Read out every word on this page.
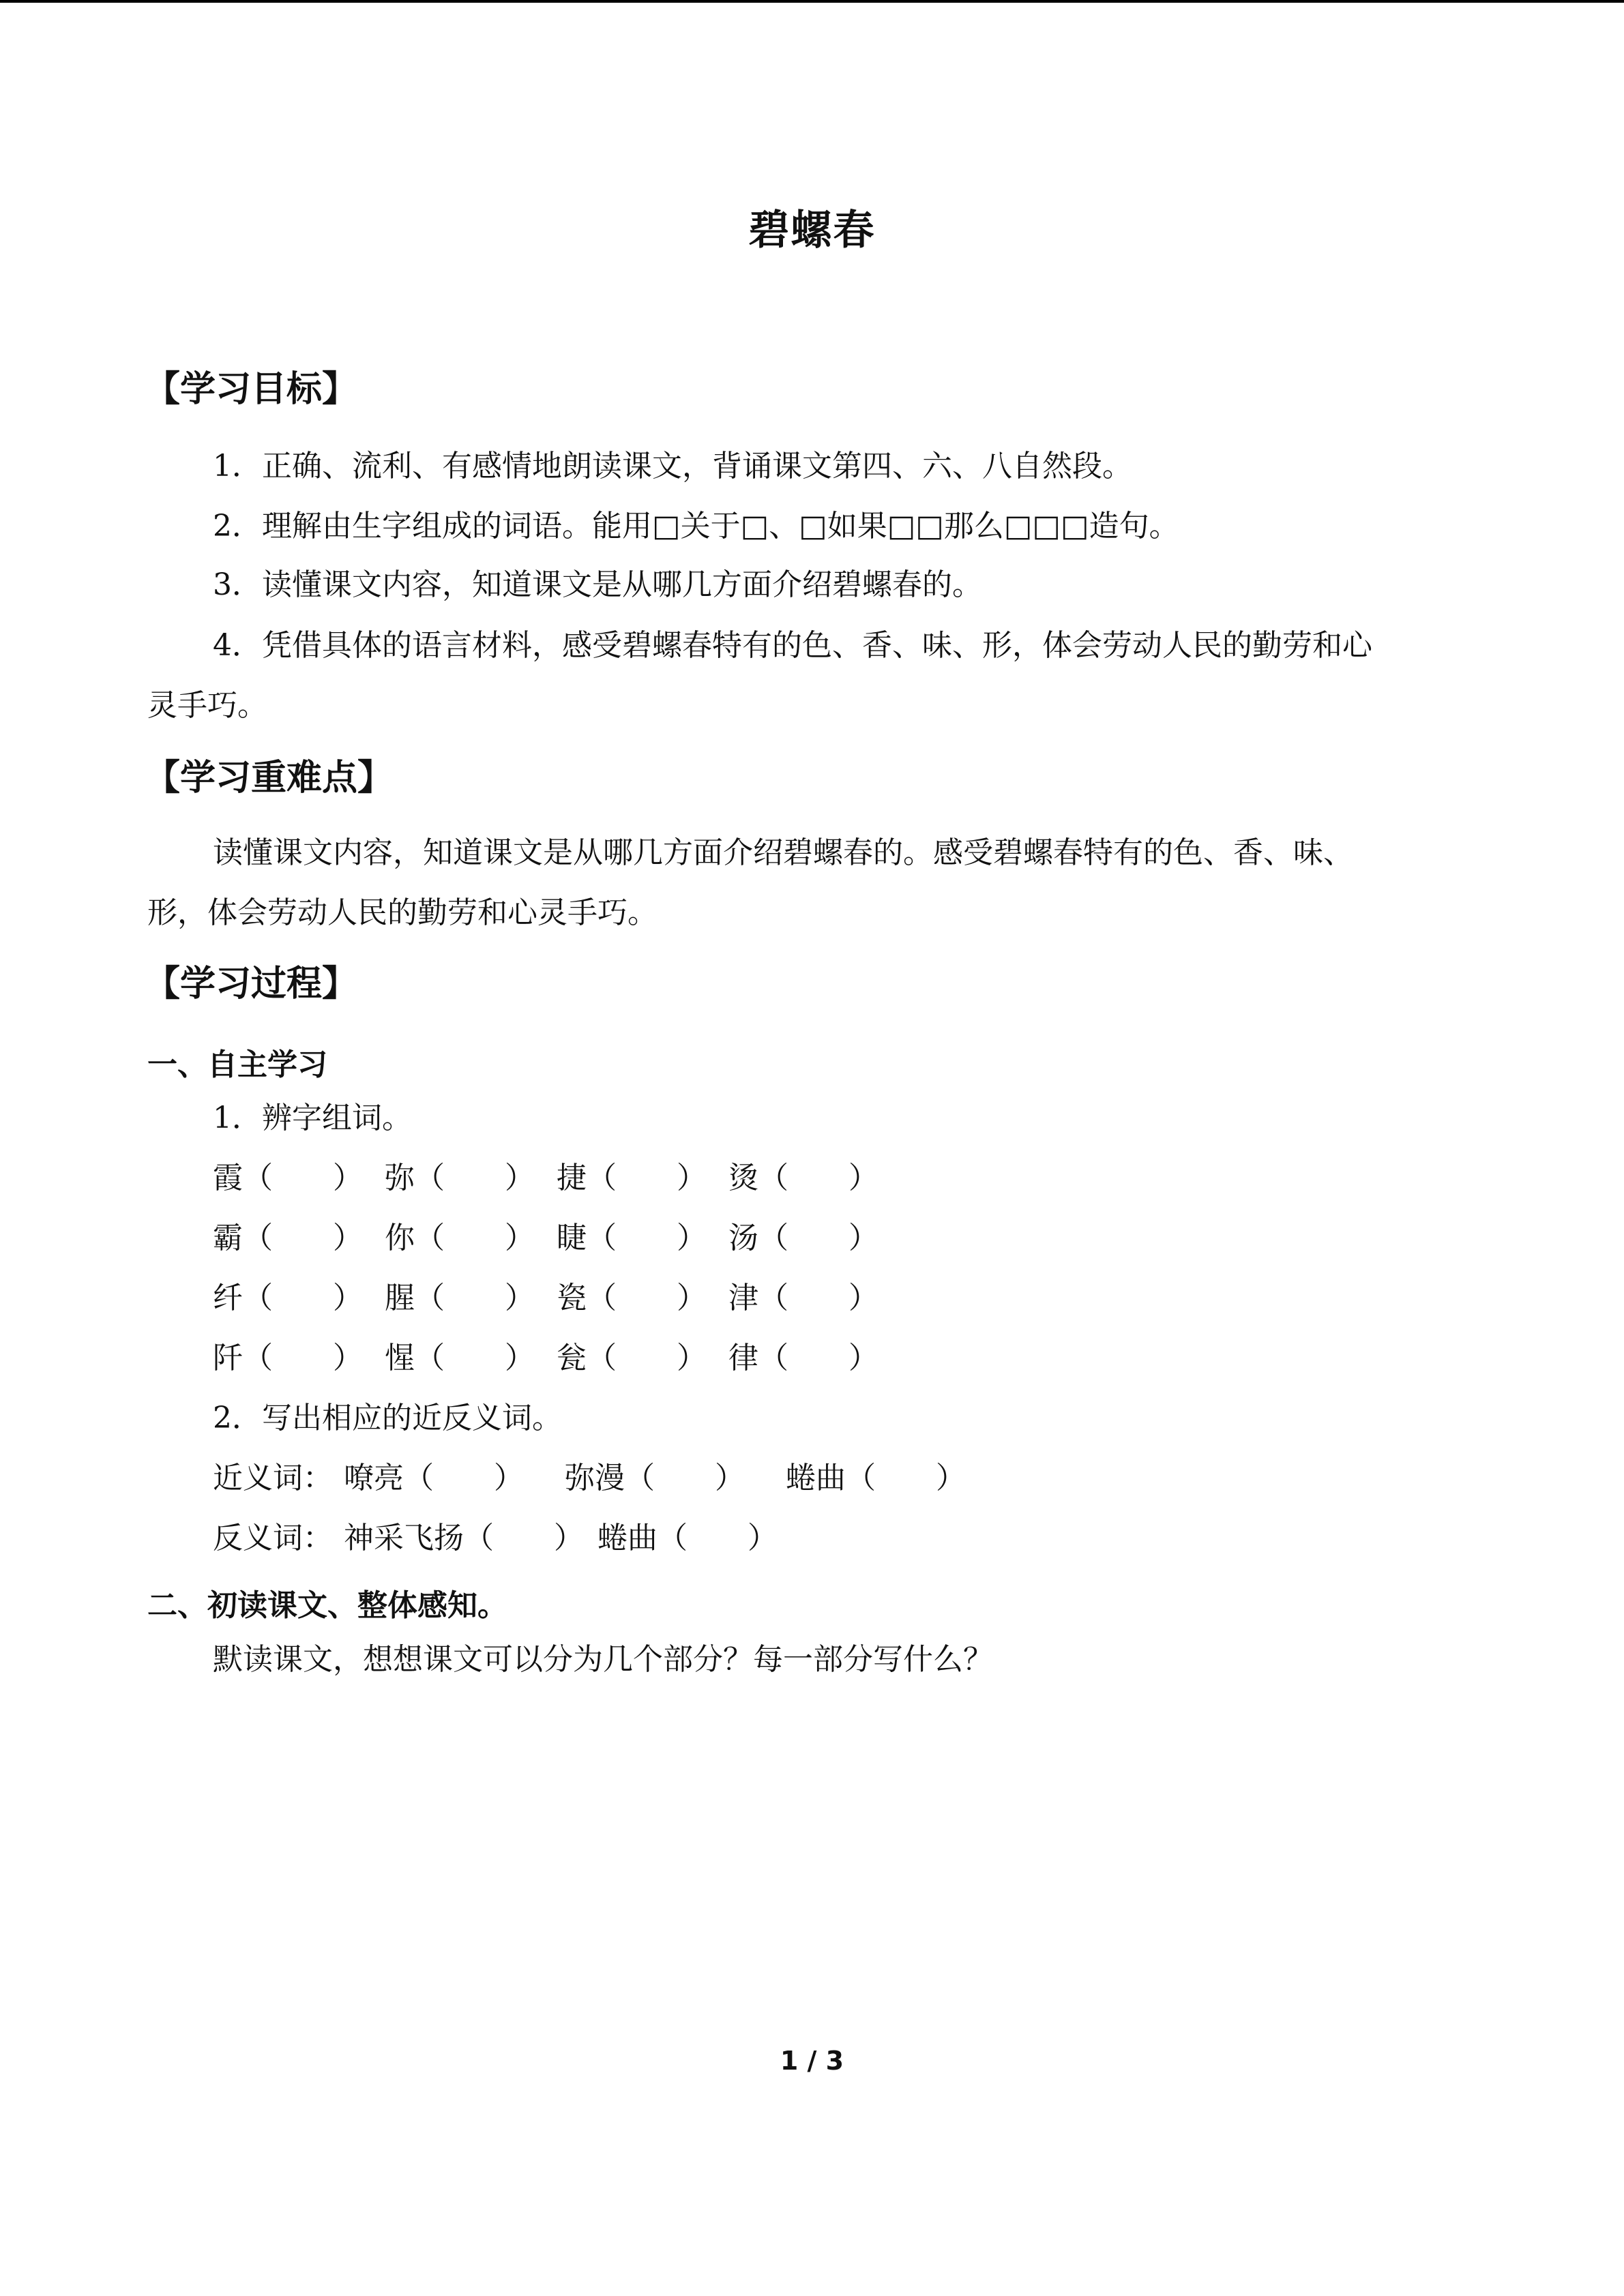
碧螺春
【学习目标】
1．正确、流利、有感情地朗读课文，背诵课文第四、六、八自然段。
2．理解由生字组成的词语。能用□关于□、□如果□□那么□□□造句。
3．读懂课文内容，知道课文是从哪几方面介绍碧螺春的。
4．凭借具体的语言材料，感受碧螺春特有的色、香、味、形，体会劳动人民的勤劳和心
灵手巧。
【学习重难点】
读懂课文内容，知道课文是从哪几方面介绍碧螺春的。感受碧螺春特有的色、香、味、
形，体会劳动人民的勤劳和心灵手巧。
【学习过程】
一、自主学习
1．辨字组词。
霞（　　） 弥（　　） 捷（　　） 烫（　　）
霸（　　） 你（　　） 睫（　　） 汤（　　）
纤（　　） 腥（　　） 瓷（　　） 津（　　）
阡（　　） 惺（　　） 瓮（　　） 律（　　）
2．写出相应的近反义词。
近义词： 嘹亮（　　） 弥漫（　　） 蜷曲（　　）
反义词： 神采飞扬（　　） 蜷曲（　　）
二、初读课文、整体感知。
默读课文，想想课文可以分为几个部分？每一部分写什么？
1 / 3
